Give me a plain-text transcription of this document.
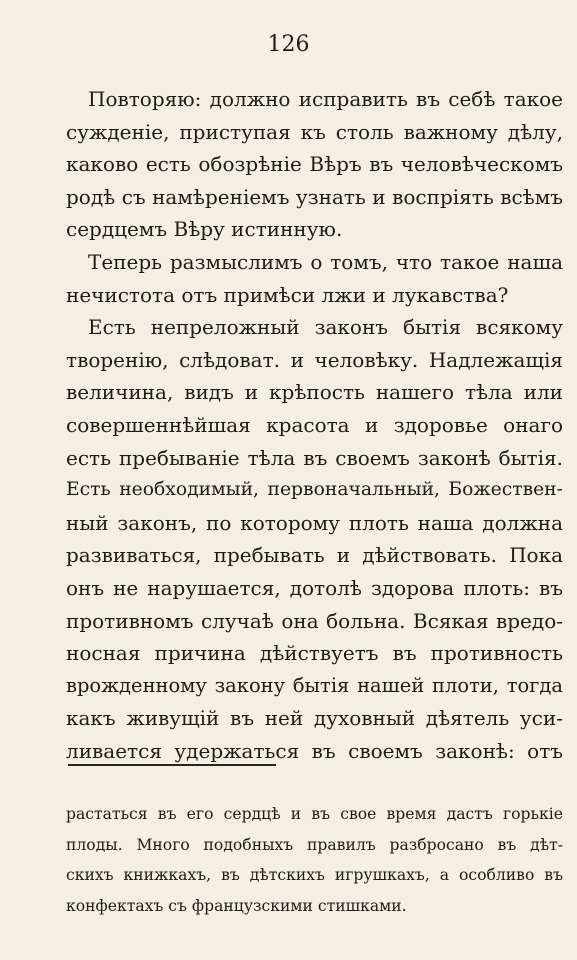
126
Повторяю: должно исправить въ себѣ такое
сужденіе, приступая къ столь важному дѣлу,
каково есть обозрѣніе Вѣръ въ человѣческомъ
родѣ съ намѣреніемъ узнать и воспріять всѣмъ
сердцемъ Вѣру истинную.
Теперь размыслимъ о томъ, что такое наша
нечистота отъ примѣси лжи и лукавства?
Есть непреложный законъ бытія всякому
творенію, слѣдоват. и человѣку. Надлежащія
величина, видъ и крѣпость нашего тѣла или
совершеннѣйшая красота и здоровье онаго
есть пребываніе тѣла въ своемъ законѣ бытія.
Есть необходимый, первоначальный, Божествен-
ный законъ, по которому плоть наша должна
развиваться, пребывать и дѣйствовать. Пока
онъ не нарушается, дотолѣ здорова плоть: въ
противномъ случаѣ она больна. Всякая вредо-
носная причина дѣйствуетъ въ противность
врожденному закону бытія нашей плоти, тогда
какъ живущій въ ней духовный дѣятель уси-
ливается удержаться въ своемъ законѣ: отъ
растаться въ его сердцѣ и въ свое время дастъ горькіе
плоды. Много подобныхъ правилъ разбросано въ дѣт-
скихъ книжкахъ, въ дѣтскихъ игрушкахъ, а особливо въ
конфектахъ съ французскими стишками.
